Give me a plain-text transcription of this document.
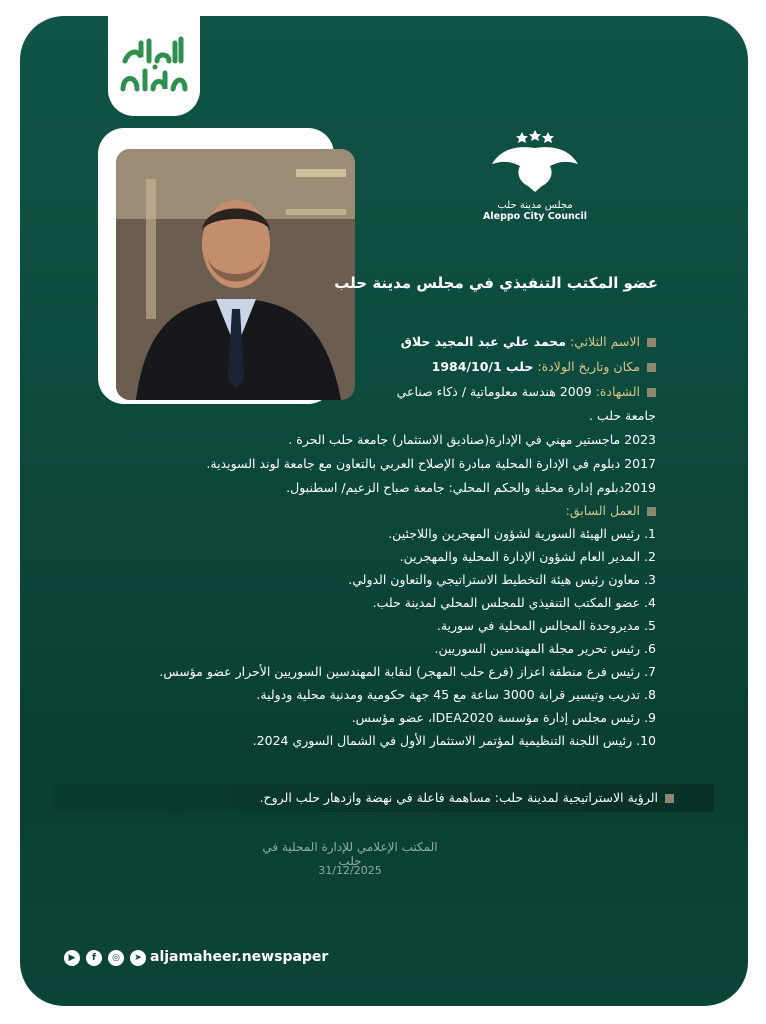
مجلس مدينة حلب
Aleppo City Council
عضو المكتب التنفيذي في مجلس مدينة حلب
الاسم الثلاثي: محمد علي عبد المجيد حلاق
مكان وتاريخ الولادة: حلب 1984/10/1
الشهادة: 2009 هندسة معلوماتية / ذكاء صناعي
جامعة حلب .
2023 ماجستير مهني في الإدارة(صناديق الاستثمار) جامعة حلب الحرة .
2017 دبلوم في الإدارة المحلية مبادرة الإصلاح العربي بالتعاون مع جامعة لوند السويدية.
2019دبلوم إدارة محلية والحكم المحلي: جامعة صباح الزعيم/ اسطنبول.
العمل السابق:
1. رئيس الهيئة السورية لشؤون المهجرين واللاجئين.
2. المدير العام لشؤون الإدارة المحلية والمهجرين.
3. معاون رئيس هيئة التخطيط الاستراتيجي والتعاون الدولي.
4. عضو المكتب التنفيذي للمجلس المحلي لمدينة حلب.
5. مديروحدة المجالس المحلية في سورية.
6. رئيس تحرير مجلة المهندسين السوريين.
7. رئيس فرع منطقة اعزاز (فرع حلب المهجر) لنقابة المهندسين السوريين الأحرار عضو مؤسس.
8. تدريب وتيسير قرابة 3000 ساعة مع 45 جهة حكومية ومدنية محلية ودولية.
9. رئيس مجلس إدارة مؤسسة IDEA2020، عضو مؤسس.
10. رئيس اللجنة التنظيمية لمؤتمر الاستثمار الأول في الشمال السوري 2024.
الرؤية الاستراتيجية لمدينة حلب: مساهمة فاعلة في نهضة وازدهار حلب الروح.
المكتب الإعلامي للإدارة المحلية في حلب
31/12/2025
▶	f	◎	➤ aljamaheer.newspaper
